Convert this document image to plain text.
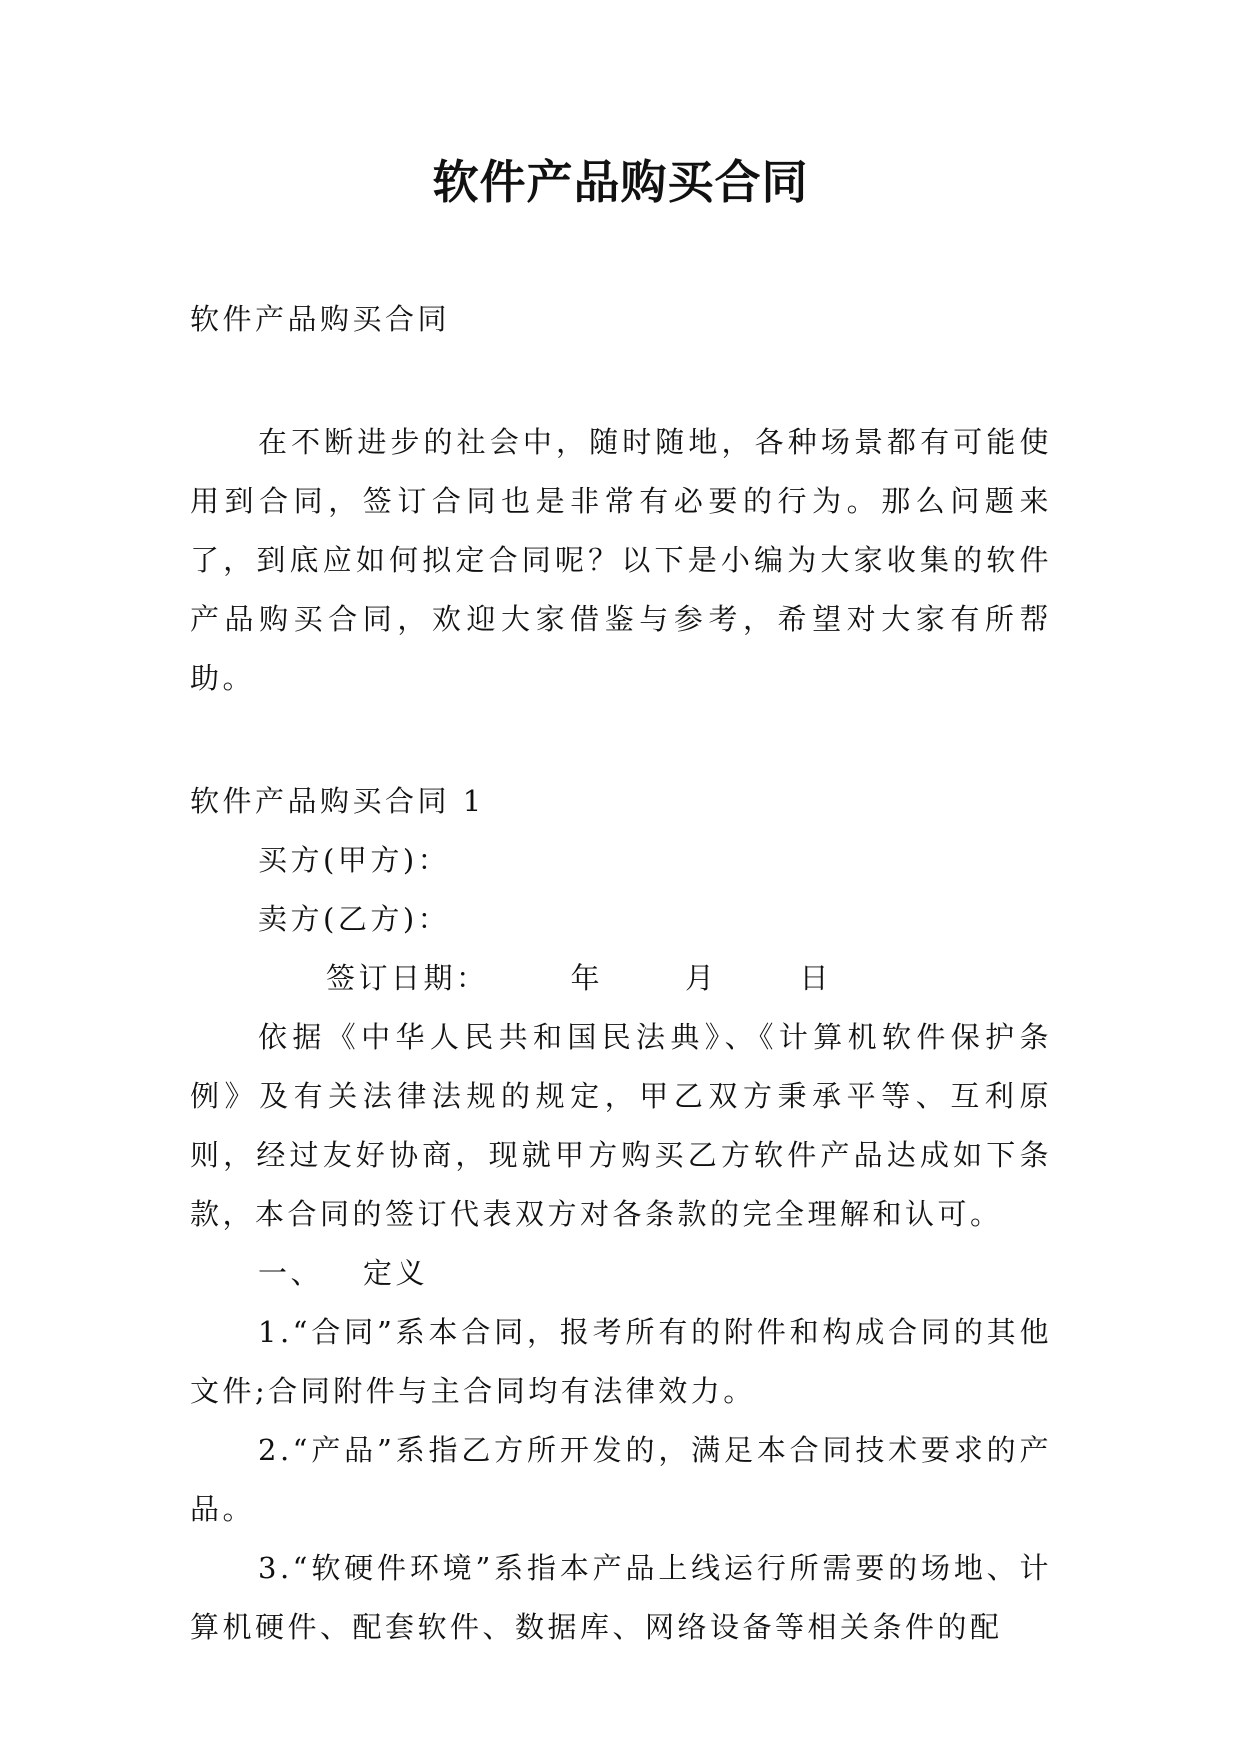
软件产品购买合同

软件产品购买合同

在不断进步的社会中，随时随地，各种场景都有可能使用到合同，签订合同也是非常有必要的行为。那么问题来了，到底应如何拟定合同呢？以下是小编为大家收集的软件产品购买合同，欢迎大家借鉴与参考，希望对大家有所帮助。

软件产品购买合同 1

买方(甲方)：

卖方(乙方)：

签订日期：	年	月	日

依据《中华人民共和国民法典》、《计算机软件保护条例》及有关法律法规的规定，甲乙双方秉承平等、互利原则，经过友好协商，现就甲方购买乙方软件产品达成如下条款，本合同的签订代表双方对各条款的完全理解和认可。

一、 定义

1.“合同”系本合同，报考所有的附件和构成合同的其他文件;合同附件与主合同均有法律效力。

2.“产品”系指乙方所开发的，满足本合同技术要求的产品。

3.“软硬件环境”系指本产品上线运行所需要的场地、计算机硬件、配套软件、数据库、网络设备等相关条件的配
